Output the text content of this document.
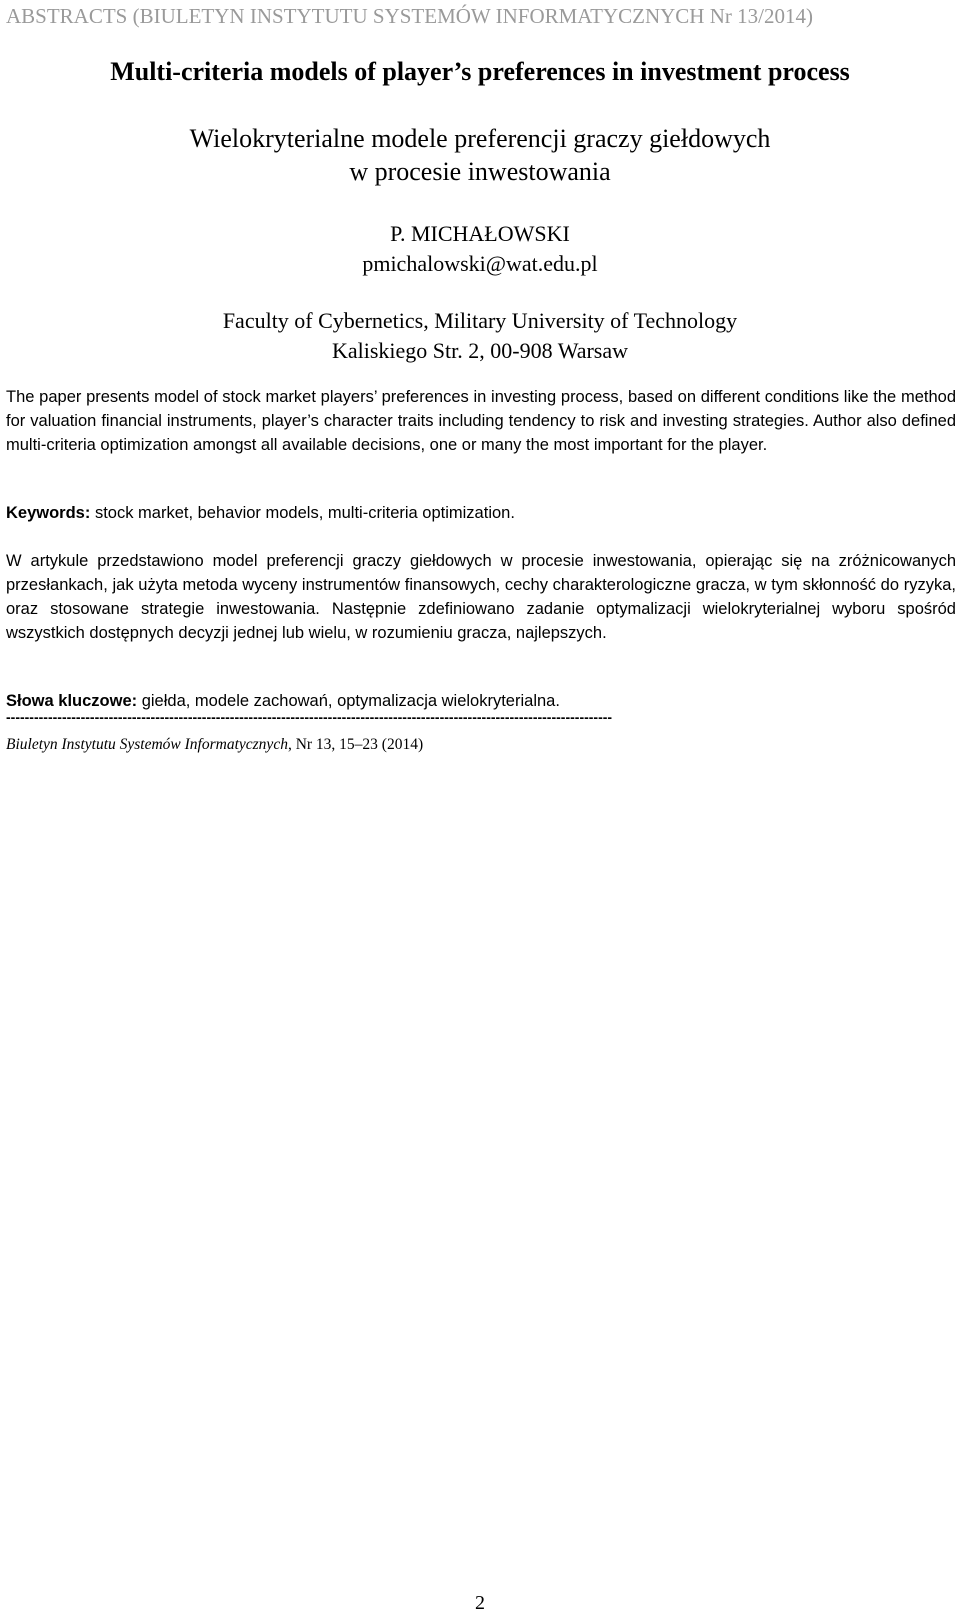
ABSTRACTS (BIULETYN INSTYTUTU SYSTEMÓW INFORMATYCZNYCH Nr 13/2014)
Multi-criteria models of player’s preferences in investment process
Wielokryterialne modele preferencji graczy giełdowych
w procesie inwestowania
P. MICHAŁOWSKI
pmichalowski@wat.edu.pl
Faculty of Cybernetics, Military University of Technology
Kaliskiego Str. 2, 00-908 Warsaw

The paper presents model of stock market players’ preferences in investing process, based on different conditions like the method for valuation financial instruments, player’s character traits including tendency to risk and investing strategies. Author also defined multi-criteria optimization amongst all available decisions, one or many the most important for the player.

Keywords: stock market, behavior models, multi-criteria optimization.

W artykule przedstawiono model preferencji graczy giełdowych w procesie inwestowania, opierając się na zróżnicowanych przesłankach, jak użyta metoda wyceny instrumentów finansowych, cechy charakterologiczne gracza, w tym skłonność do ryzyka, oraz stosowane strategie inwestowania. Następnie zdefiniowano zadanie optymalizacji wielokryterialnej wyboru spośród wszystkich dostępnych decyzji jednej lub wielu, w rozumieniu gracza, najlepszych.

Słowa kluczowe: giełda, modele zachowań, optymalizacja wielokryterialna.

----------------------------------------------------------------------------------------------------------------------------------
Biuletyn Instytutu Systemów Informatycznych, Nr 13, 15–23 (2014)
2
